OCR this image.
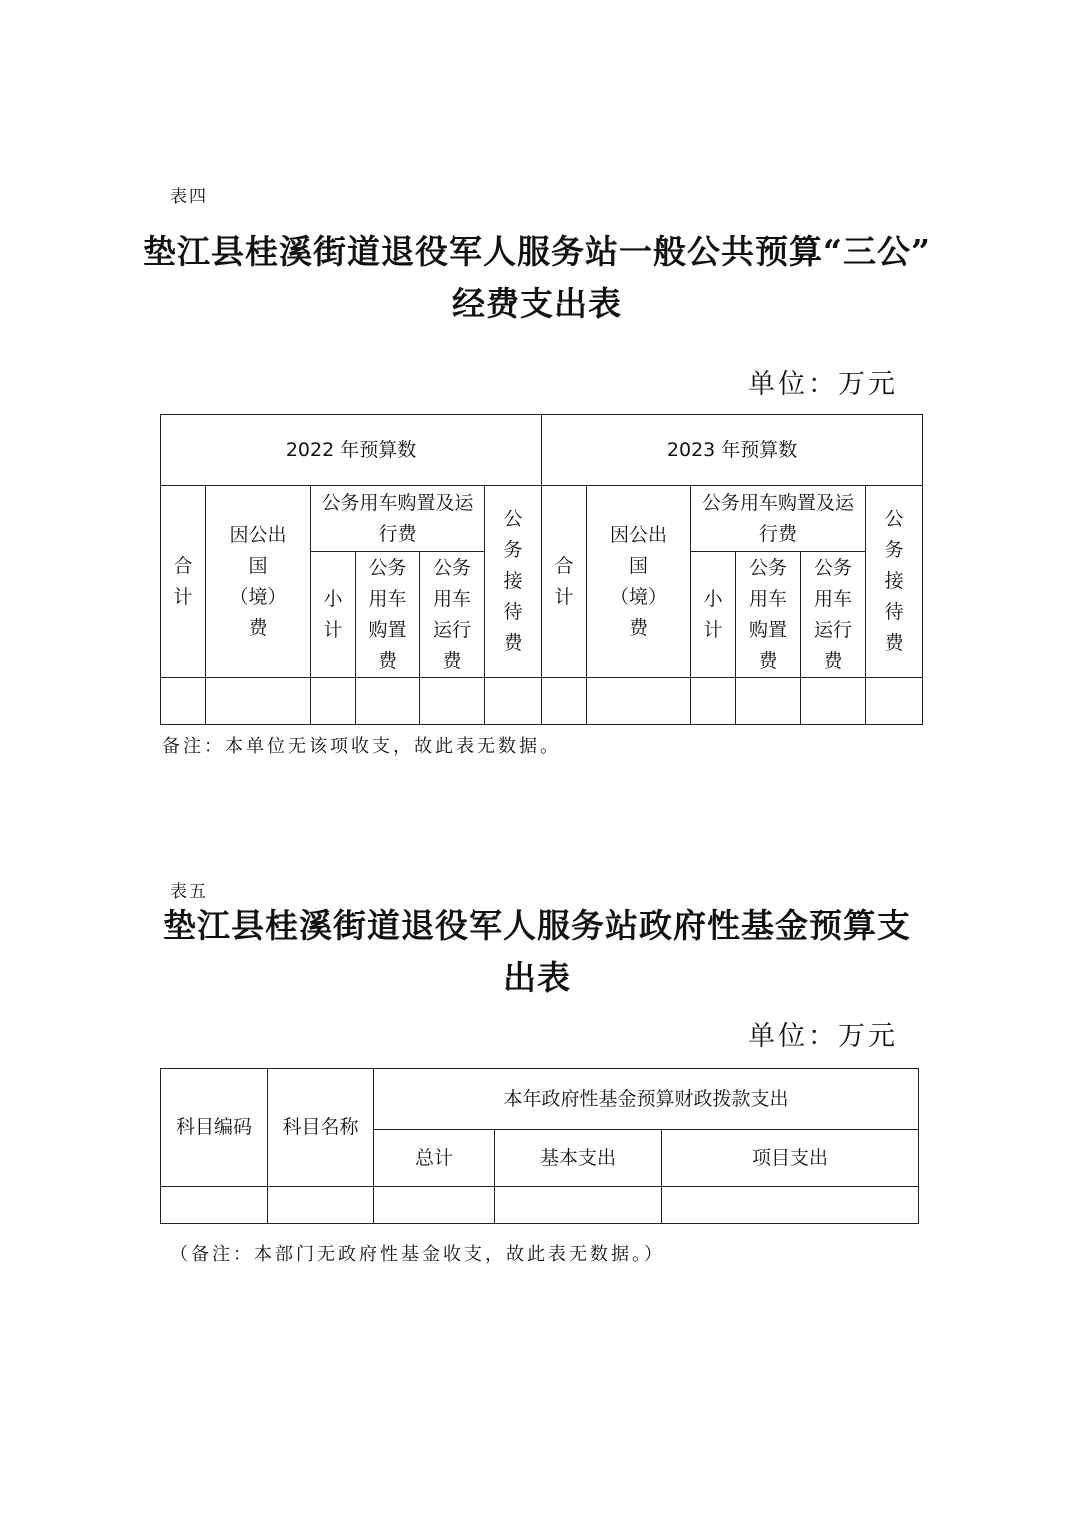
表四
垫江县桂溪街道退役军人服务站一般公共预算“三公”
经费支出表
单位：万元
2022 年预算数						2023 年预算数					
合计	因公出国（境）费	公务用车购置及运行费			公务接待费	合计	因公出国（境）费	公务用车购置及运行费			公务接待费
		小计	公务用车购置费	公务用车运行费				小计	公务用车购置费	公务用车运行费	

备注：本单位无该项收支，故此表无数据。
表五
垫江县桂溪街道退役军人服务站政府性基金预算支
出表
单位：万元
科目编码	科目名称	本年政府性基金预算财政拨款支出		
		总计	基本支出	项目支出

（备注：本部门无政府性基金收支，故此表无数据。）
